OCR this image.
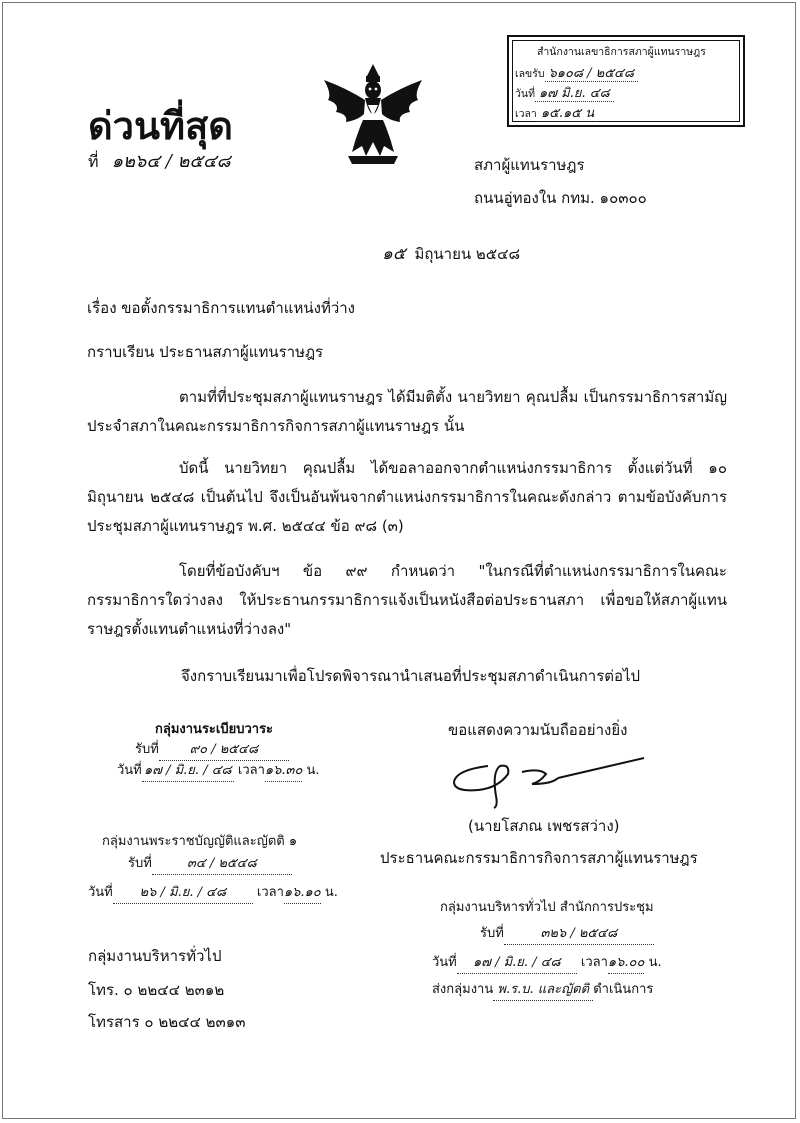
สำนักงานเลขาธิการสภาผู้แทนราษฎร
เลขรับ ๖๑๐๘ / ๒๕๔๘
วันที่ ๑๗ มิ.ย. ๔๘
เวลา ๑๕.๑๕ น
ด่วนที่สุด
ที่ ๑๒๖๔ / ๒๕๔๘	สภาผู้แทนราษฎร
ถนนอู่ทองใน กทม. ๑๐๓๐๐
๑๕ มิถุนายน ๒๕๔๘
เรื่อง ขอตั้งกรรมาธิการแทนตำแหน่งที่ว่าง
กราบเรียน ประธานสภาผู้แทนราษฎร

ตามที่ที่ประชุมสภาผู้แทนราษฎร ได้มีมติตั้ง นายวิทยา คุณปลื้ม เป็นกรรมาธิการสามัญประจำสภาในคณะกรรมาธิการกิจการสภาผู้แทนราษฎร นั้น

บัดนี้ นายวิทยา คุณปลื้ม ได้ขอลาออกจากตำแหน่งกรรมาธิการ ตั้งแต่วันที่ ๑๐ มิถุนายน ๒๕๔๘ เป็นต้นไป จึงเป็นอันพ้นจากตำแหน่งกรรมาธิการในคณะดังกล่าว ตามข้อบังคับการประชุมสภาผู้แทนราษฎร พ.ศ. ๒๕๔๔ ข้อ ๙๘ (๓)

โดยที่ข้อบังคับฯ ข้อ ๙๙ กำหนดว่า "ในกรณีที่ตำแหน่งกรรมาธิการในคณะกรรมาธิการใดว่างลง ให้ประธานกรรมาธิการแจ้งเป็นหนังสือต่อประธานสภา เพื่อขอให้สภาผู้แทนราษฎรตั้งแทนตำแหน่งที่ว่างลง"

จึงกราบเรียนมาเพื่อโปรดพิจารณานำเสนอที่ประชุมสภาดำเนินการต่อไป
ขอแสดงความนับถืออย่างยิ่ง
(นายโสภณ เพชรสว่าง)
ประธานคณะกรรมาธิการกิจการสภาผู้แทนราษฎร
กลุ่มงานระเบียบวาระ
รับที่ ๙๐ / ๒๕๔๘
วันที่ ๑๗ / มิ.ย. / ๔๘ เวลา๑๖.๓๐ น.
กลุ่มงานพระราชบัญญัติและญัตติ ๑
รับที่	๓๔ / ๒๕๔๘
วันที่ ๒๖ / มิ.ย. / ๔๘ เวลา๑๖.๑๐ น.
กลุ่มงานบริหารทั่วไป สำนักการประชุม
รับที่	๓๒๖ / ๒๕๔๘
วันที่ ๑๗ / มิ.ย. / ๔๘ เวลา๑๖.๐๐ น.
ส่งกลุ่มงาน พ.ร.บ. และญัตติ ดำเนินการ
กลุ่มงานบริหารทั่วไป
โทร. ๐ ๒๒๔๔ ๒๓๑๒
โทรสาร ๐ ๒๒๔๔ ๒๓๑๓
